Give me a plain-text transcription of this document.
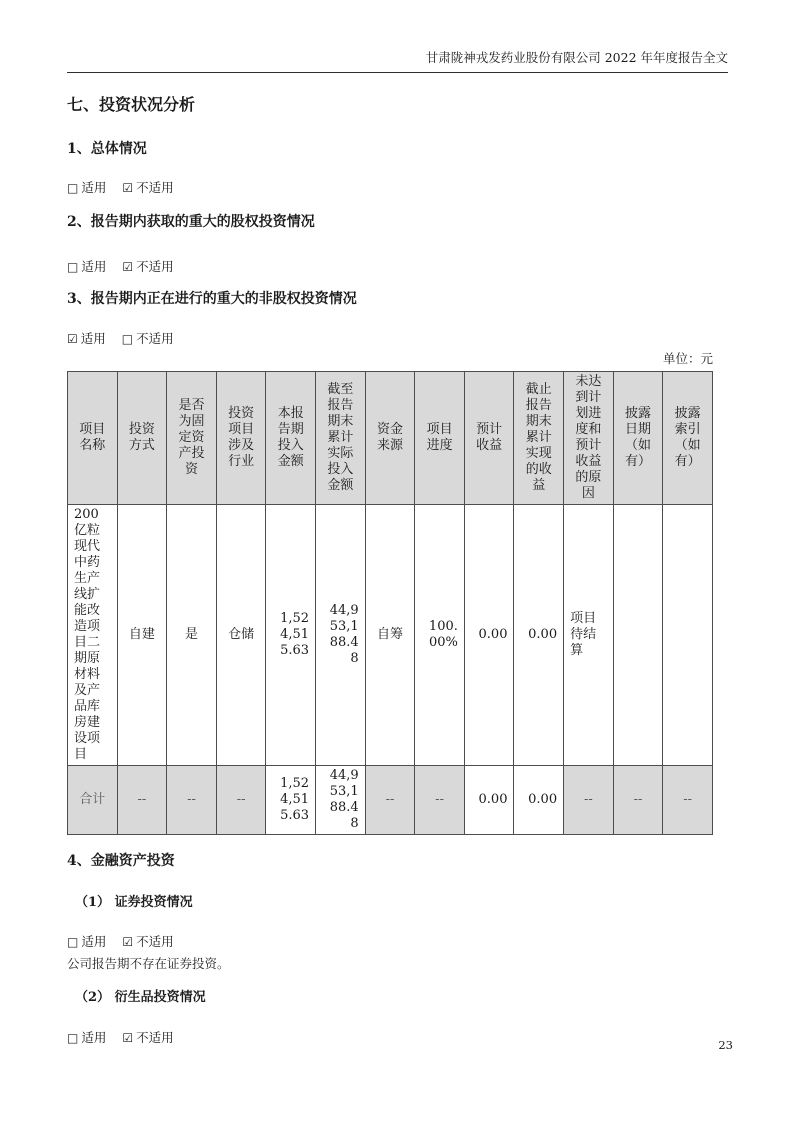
甘肃陇神戎发药业股份有限公司 2022 年年度报告全文

七、投资状况分析

1、总体情况

□ 适用 ☑ 不适用

2、报告期内获取的重大的股权投资情况

□ 适用 ☑ 不适用

3、报告期内正在进行的重大的非股权投资情况

☑ 适用 □ 不适用

单位：元

项目名称	投资方式	是否为固定资产投资	投资项目涉及行业	本报告期投入金额	截至报告期末累计实际投入金额	资金来源	项目进度	预计收益	截止报告期末累计实现的收益	未达到计划进度和预计收益的原因	披露日期（如有）	披露索引（如有）
200 亿粒现代中药生产线扩能改造项目二期原材料及产品库房建设项目	自建	是	仓储	1,524,515.63	44,953,188.48	自筹	100.00%	0.00	0.00	项目待结算		
合计	--	--	--	1,524,515.63	44,953,188.48	--	--	0.00	0.00	--	--	--

4、金融资产投资

（1） 证券投资情况

□ 适用 ☑ 不适用

公司报告期不存在证券投资。

（2） 衍生品投资情况

□ 适用 ☑ 不适用	23
